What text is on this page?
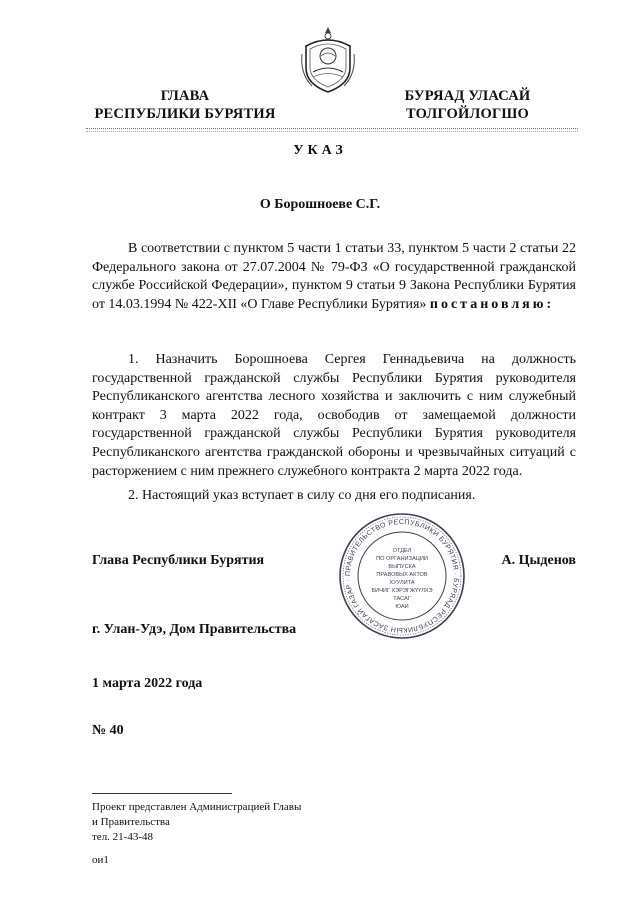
ГЛАВА
РЕСПУБЛИКИ БУРЯТИЯ
БУРЯАД УЛАСАЙ
ТОЛГОЙЛОГШО
УКАЗ
О Борошноеве С.Г.

В соответствии с пунктом 5 части 1 статьи 33, пунктом 5 части 2 статьи 22 Федерального закона от 27.07.2004 № 79-ФЗ «О государственной гражданской службе Российской Федерации», пунктом 9 статьи 9 Закона Республики Бурятия от 14.03.1994 № 422-XII «О Главе Республики Бурятия» постановляю:

1. Назначить Борошноева Сергея Геннадьевича на должность государственной гражданской службы Республики Бурятия руководителя Республиканского агентства лесного хозяйства и заключить с ним служебный контракт 3 марта 2022 года, освободив от замещаемой должности государственной гражданской службы Республики Бурятия руководителя Республиканского агентства гражданской обороны и чрезвычайных ситуаций с расторжением с ним прежнего служебного контракта 2 марта 2022 года.

2. Настоящий указ вступает в силу со дня его подписания.

Глава Республики Бурятия
ПРАВИТЕЛЬСТВО РЕСПУБЛИКИ БУРЯТИЯ · БУРЯАД РЕСПУБЛИКЫН ЗАСАГАЙ ГАЗАР ·
ОТДЕЛ
ПО ОРГАНИЗАЦИИ
ВЫПУСКА
ПРАВОВЫХ АКТОВ
ХУУЛИТА
БИЧИГ ХЭРЭГЖҮҮЛХЭ
ТАСАГ
ЮАИ
А. Цыденов
г. Улан-Удэ, Дом Правительства
1 марта 2022 года
№ 40
Проект представлен Администрацией Главы
и Правительства
тел. 21-43-48
ои1
